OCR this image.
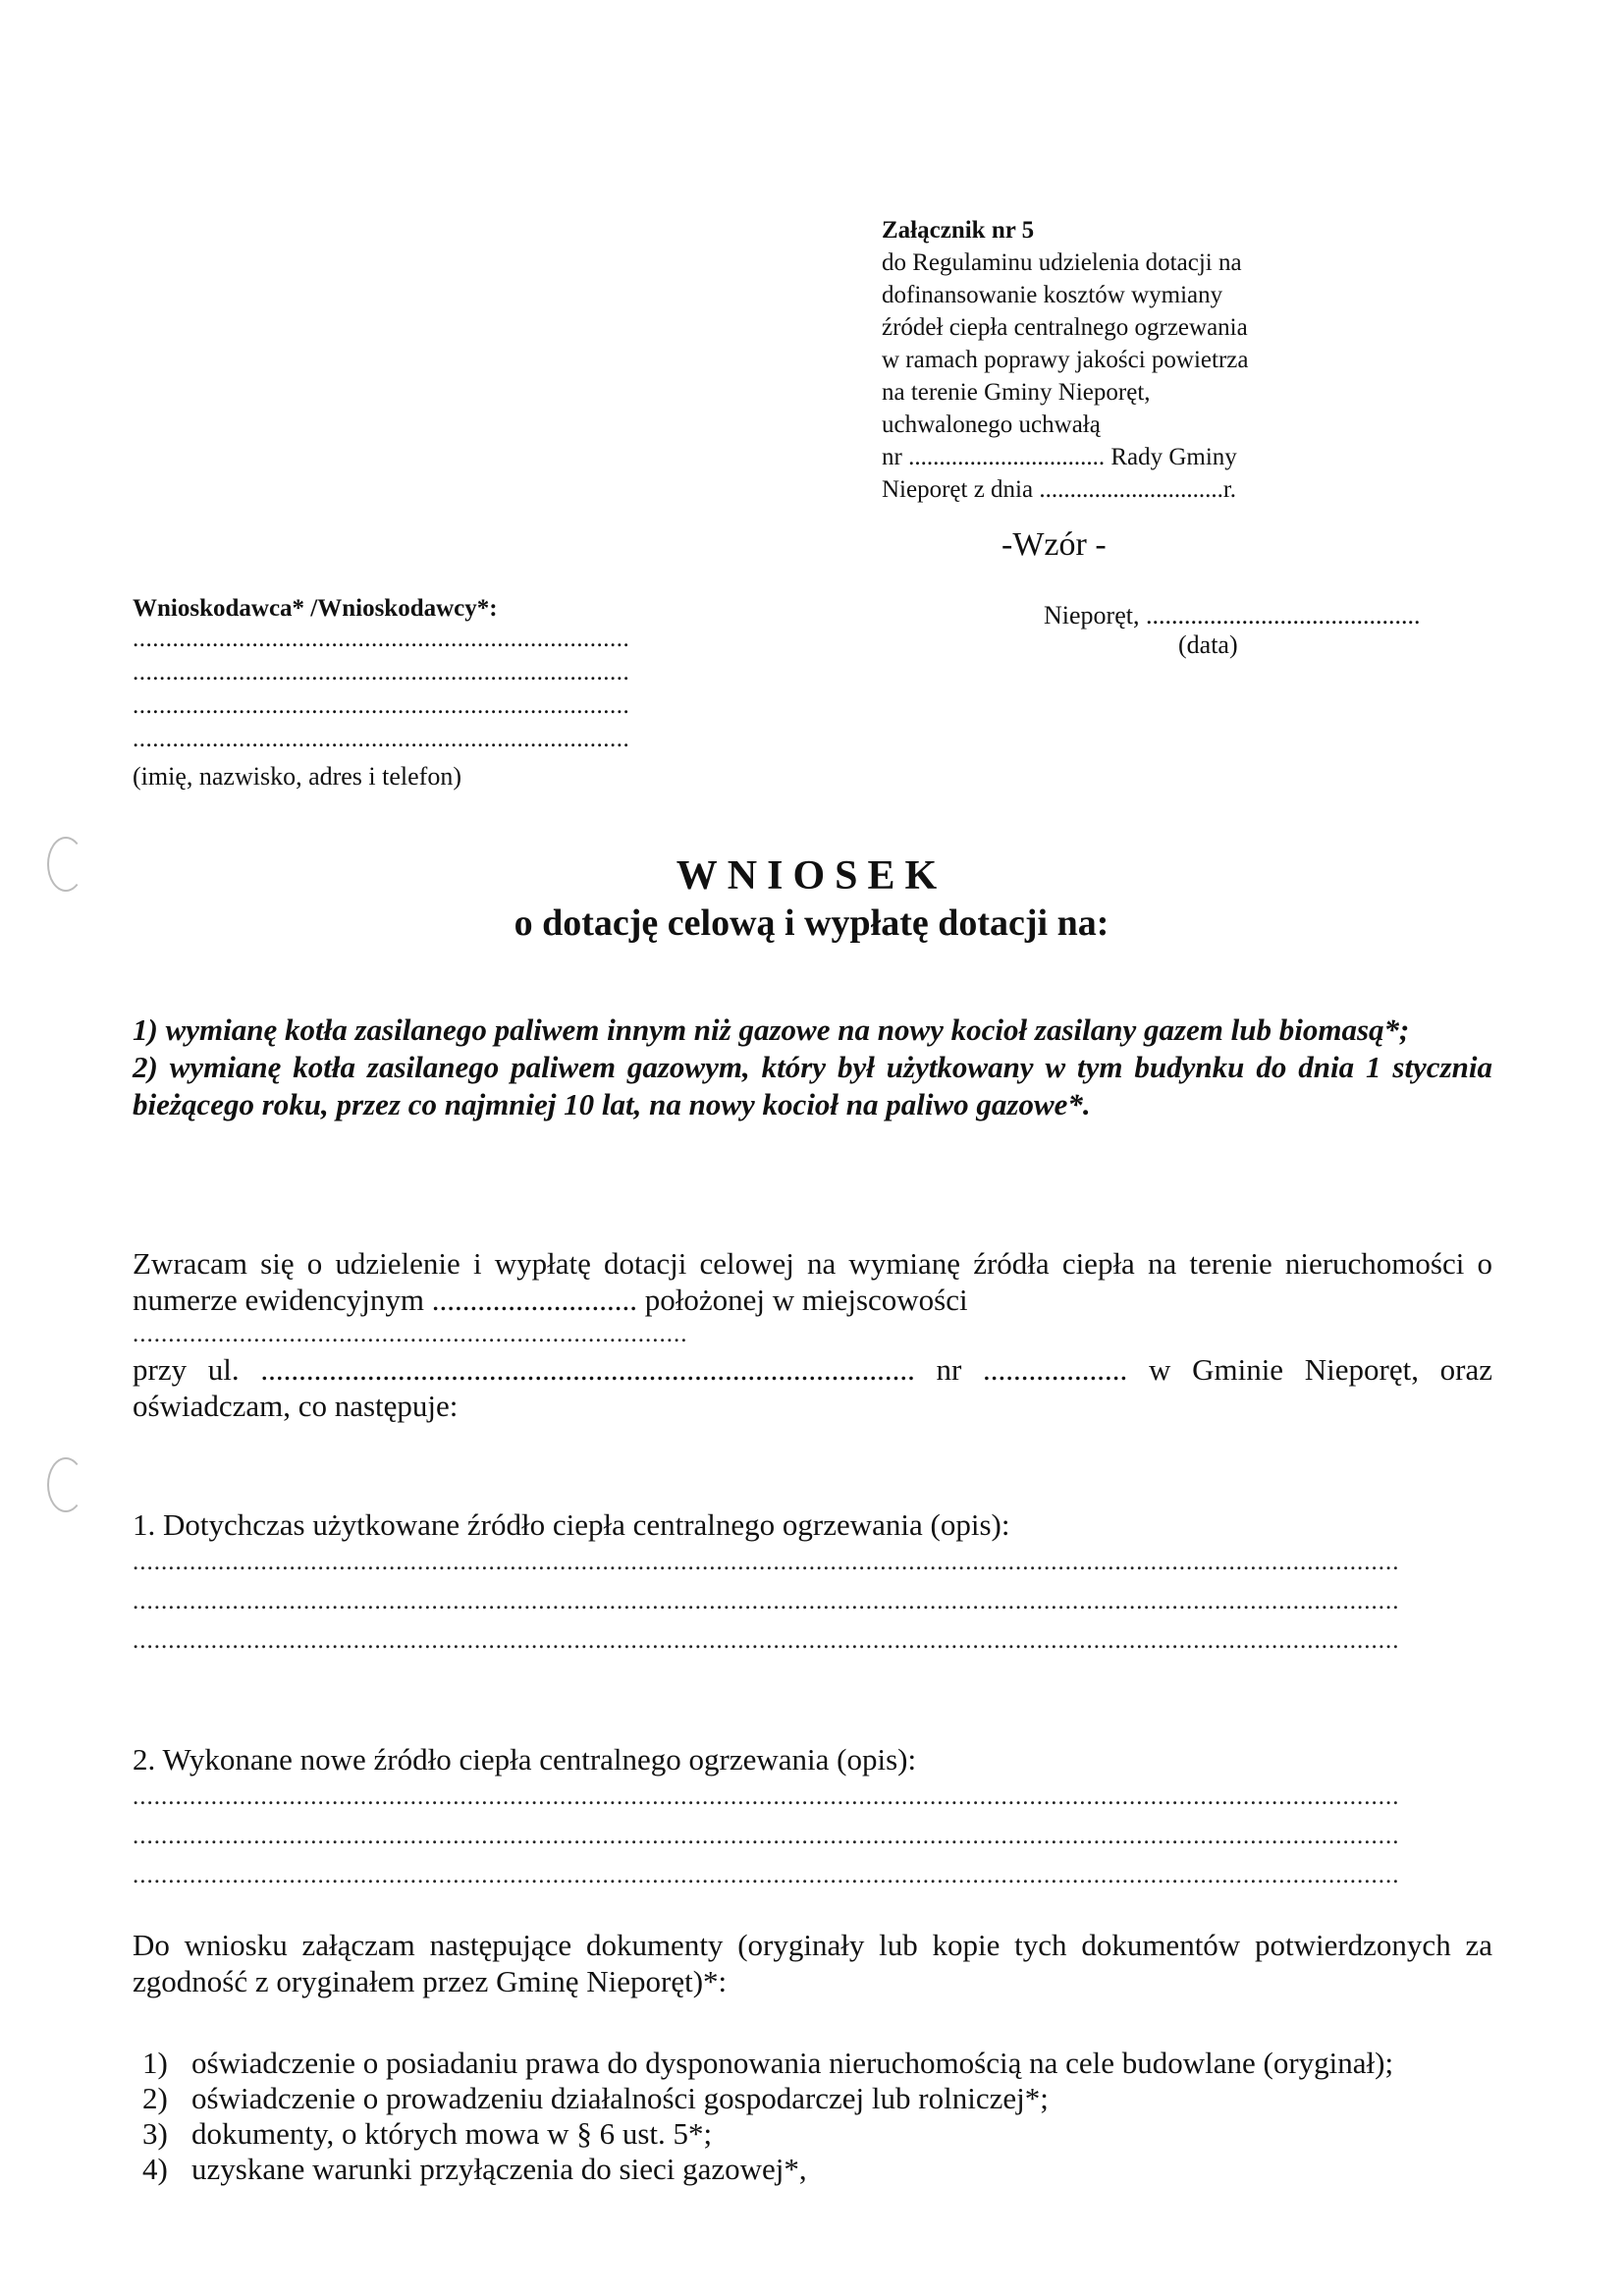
Załącznik nr 5
do Regulaminu udzielenia dotacji na
dofinansowanie kosztów wymiany
źródeł ciepła centralnego ogrzewania
w ramach poprawy jakości powietrza
na terenie Gminy Nieporęt,
uchwalonego uchwałą
nr ................................ Rady Gminy
Nieporęt z dnia ..............................r.
-Wzór -
Wnioskodawca* /Wnioskodawcy*:
...........................................................................
...........................................................................
...........................................................................
...........................................................................
(imię, nazwisko, adres i telefon)
Nieporęt, ...........................................
(data)
WNIOSEK
o dotację celową i wypłatę dotacji na:

1) wymianę kotła zasilanego paliwem innym niż gazowe na nowy kocioł zasilany gazem lub biomasą*;

2) wymianę kotła zasilanego paliwem gazowym, który był użytkowany w tym budynku do dnia 1 stycznia bieżącego roku, przez co najmniej 10 lat, na nowy kocioł na paliwo gazowe*.

Zwracam się o udzielenie i wypłatę dotacji celowej na wymianę źródła ciepła na terenie nieruchomości o numerze ewidencyjnym ........................... położonej w miejscowości
..............................................................................
przy ul. ...................................................................................... nr ................... w Gminie Nieporęt, oraz oświadczam, co następuje:
1. Dotychczas użytkowane źródło ciepła centralnego ogrzewania (opis):
..................................................................................................................................................................................
..................................................................................................................................................................................
..................................................................................................................................................................................
2. Wykonane nowe źródło ciepła centralnego ogrzewania (opis):
..................................................................................................................................................................................
..................................................................................................................................................................................
..................................................................................................................................................................................
Do wniosku załączam następujące dokumenty (oryginały lub kopie tych dokumentów potwierdzonych za zgodność z oryginałem przez Gminę Nieporęt)*:
1) oświadczenie o posiadaniu prawa do dysponowania nieruchomością na cele budowlane (oryginał);
2) oświadczenie o prowadzeniu działalności gospodarczej lub rolniczej*;
3) dokumenty, o których mowa w § 6 ust. 5*;
4) uzyskane warunki przyłączenia do sieci gazowej*,
